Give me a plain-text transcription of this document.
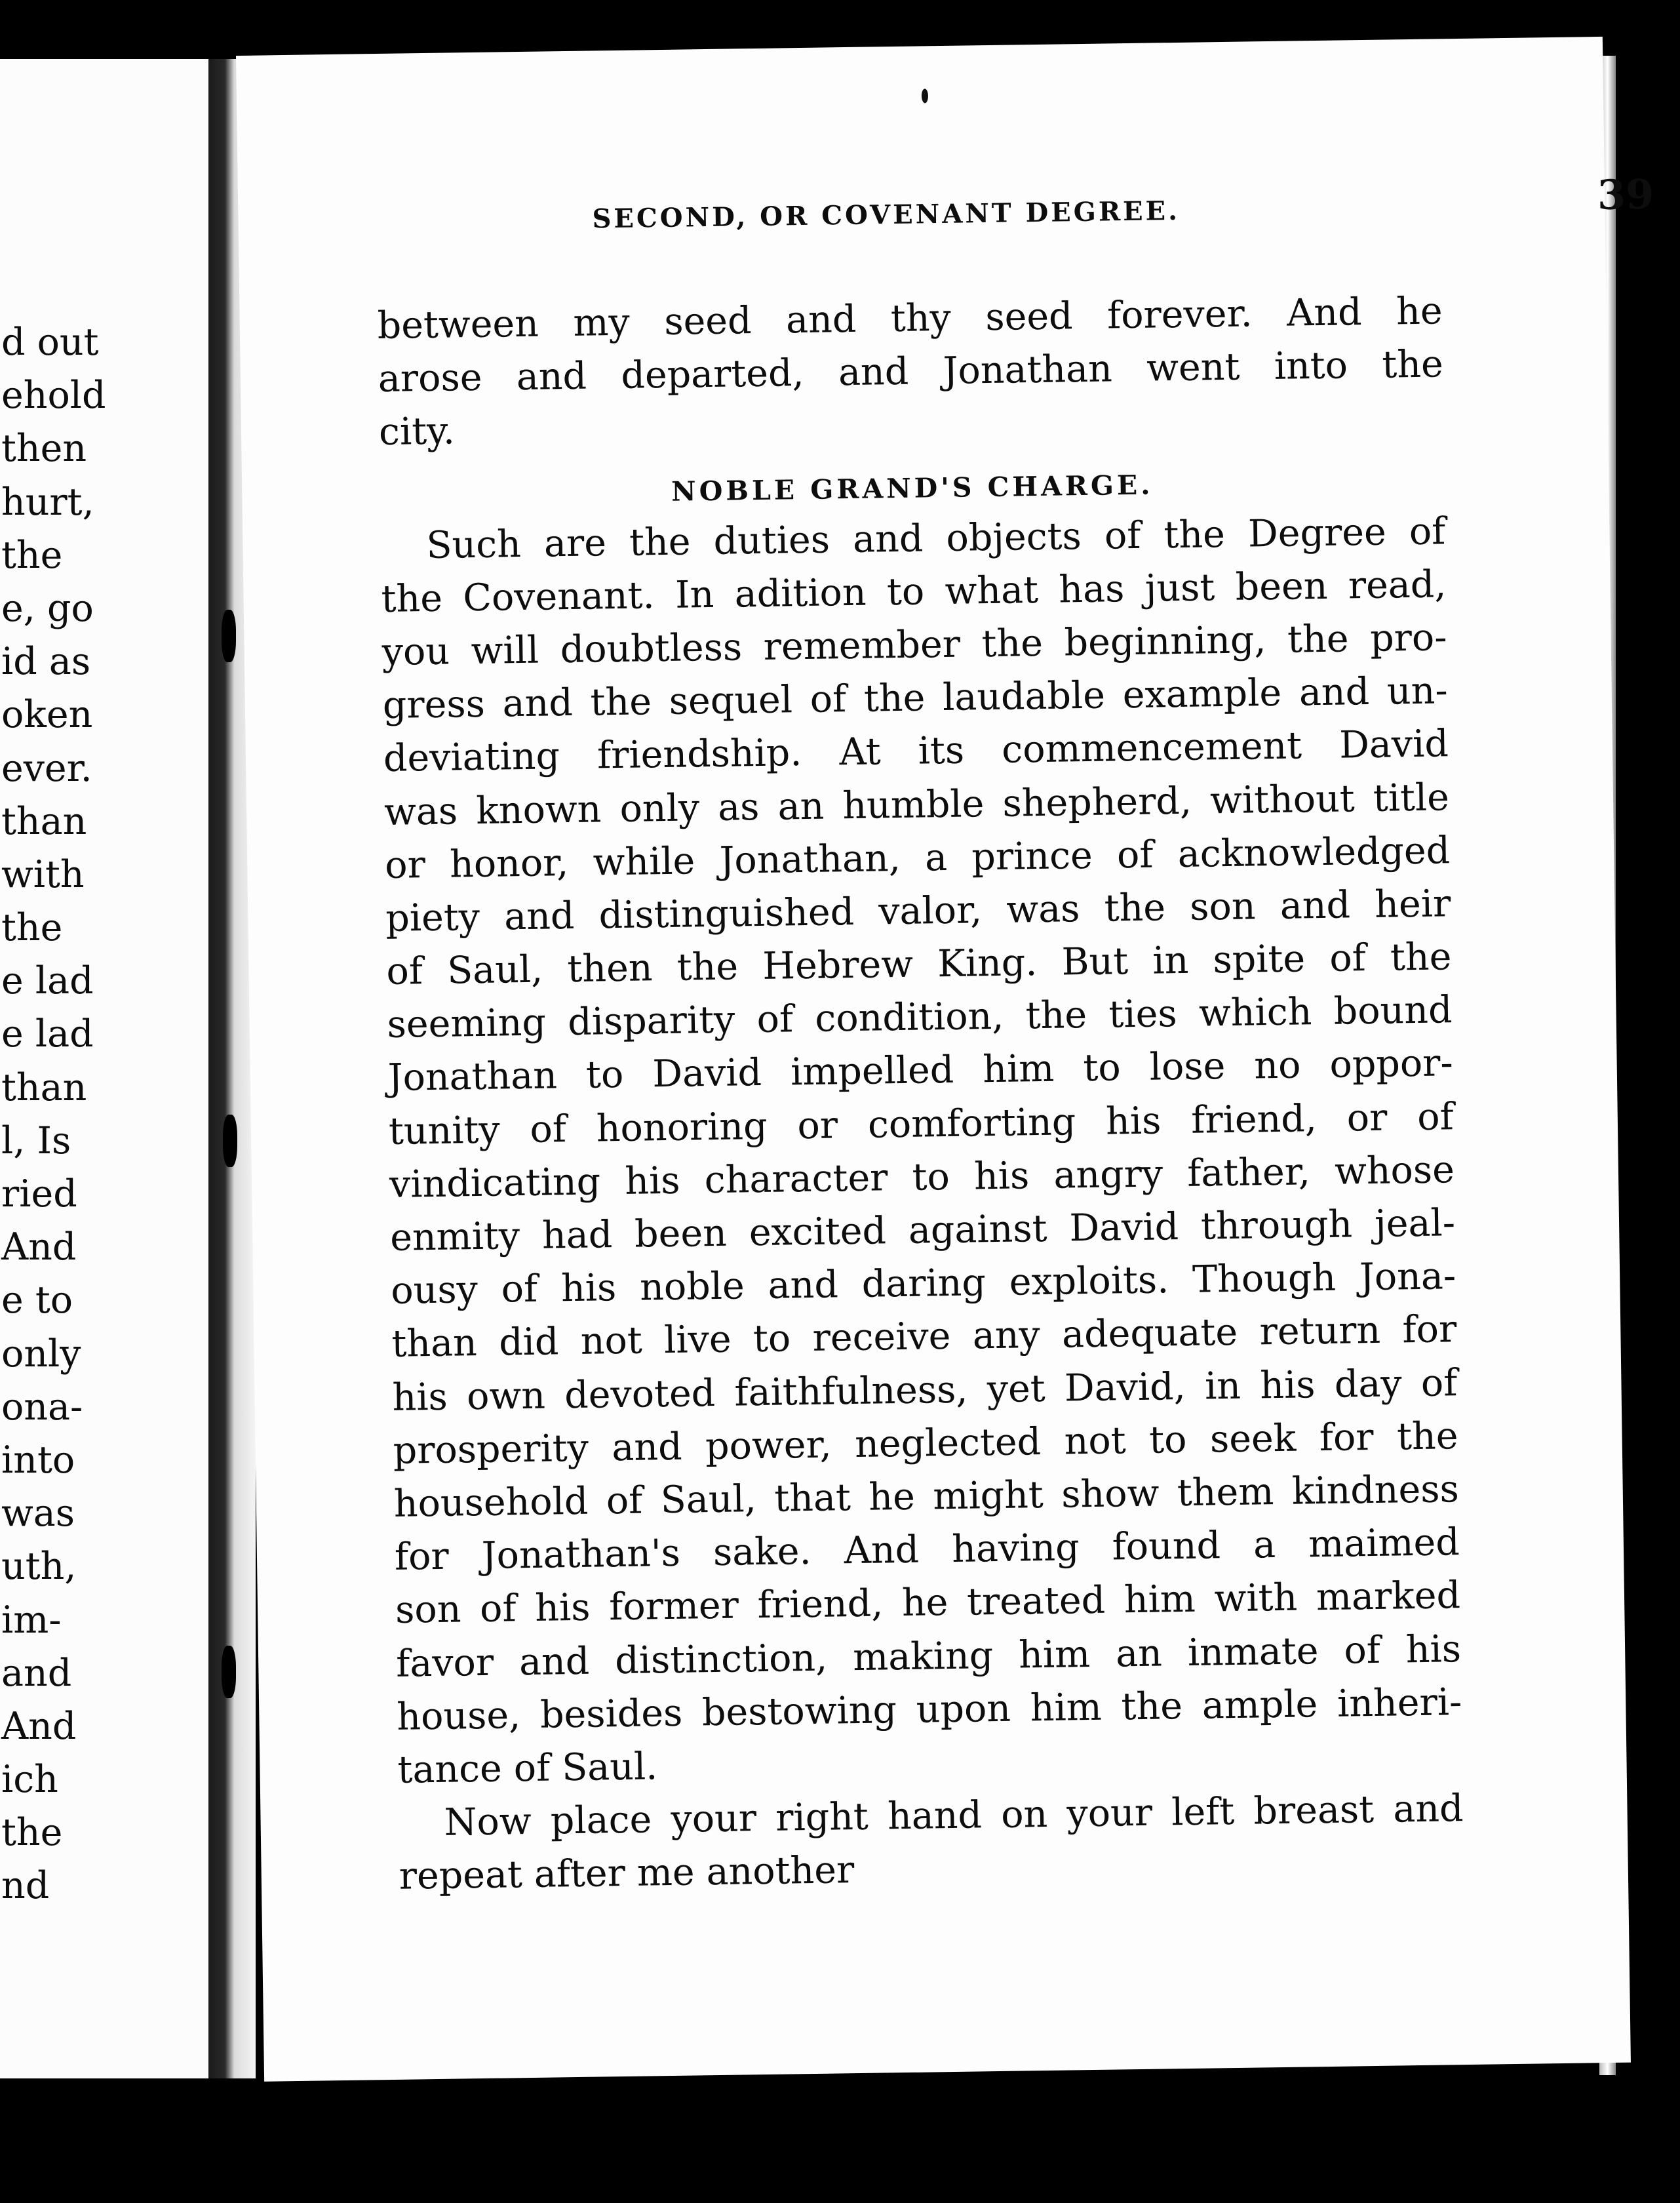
d out
ehold
then
hurt,
the
e, go
id as
oken
ever.
than
with
the
e lad
e lad
than
l, Is
ried
And
e to
only
ona-
into
was
uth,
im-
and
And
ich
the
nd
SECOND, OR COVENANT DEGREE.	39
between my seed and thy seed forever. And he
arose and departed, and Jonathan went into the
city.
NOBLE GRAND'S CHARGE.
Such are the duties and objects of the Degree of
the Covenant. In adition to what has just been read,
you will doubtless remember the beginning, the pro-
gress and the sequel of the laudable example and un-
deviating friendship. At its commencement David
was known only as an humble shepherd, without title
or honor, while Jonathan, a prince of acknowledged
piety and distinguished valor, was the son and heir
of Saul, then the Hebrew King. But in spite of the
seeming disparity of condition, the ties which bound
Jonathan to David impelled him to lose no oppor-
tunity of honoring or comforting his friend, or of
vindicating his character to his angry father, whose
enmity had been excited against David through jeal-
ousy of his noble and daring exploits. Though Jona-
than did not live to receive any adequate return for
his own devoted faithfulness, yet David, in his day of
prosperity and power, neglected not to seek for the
household of Saul, that he might show them kindness
for Jonathan's sake. And having found a maimed
son of his former friend, he treated him with marked
favor and distinction, making him an inmate of his
house, besides bestowing upon him the ample inheri-
tance of Saul.
Now place your right hand on your left breast and
repeat after me another
